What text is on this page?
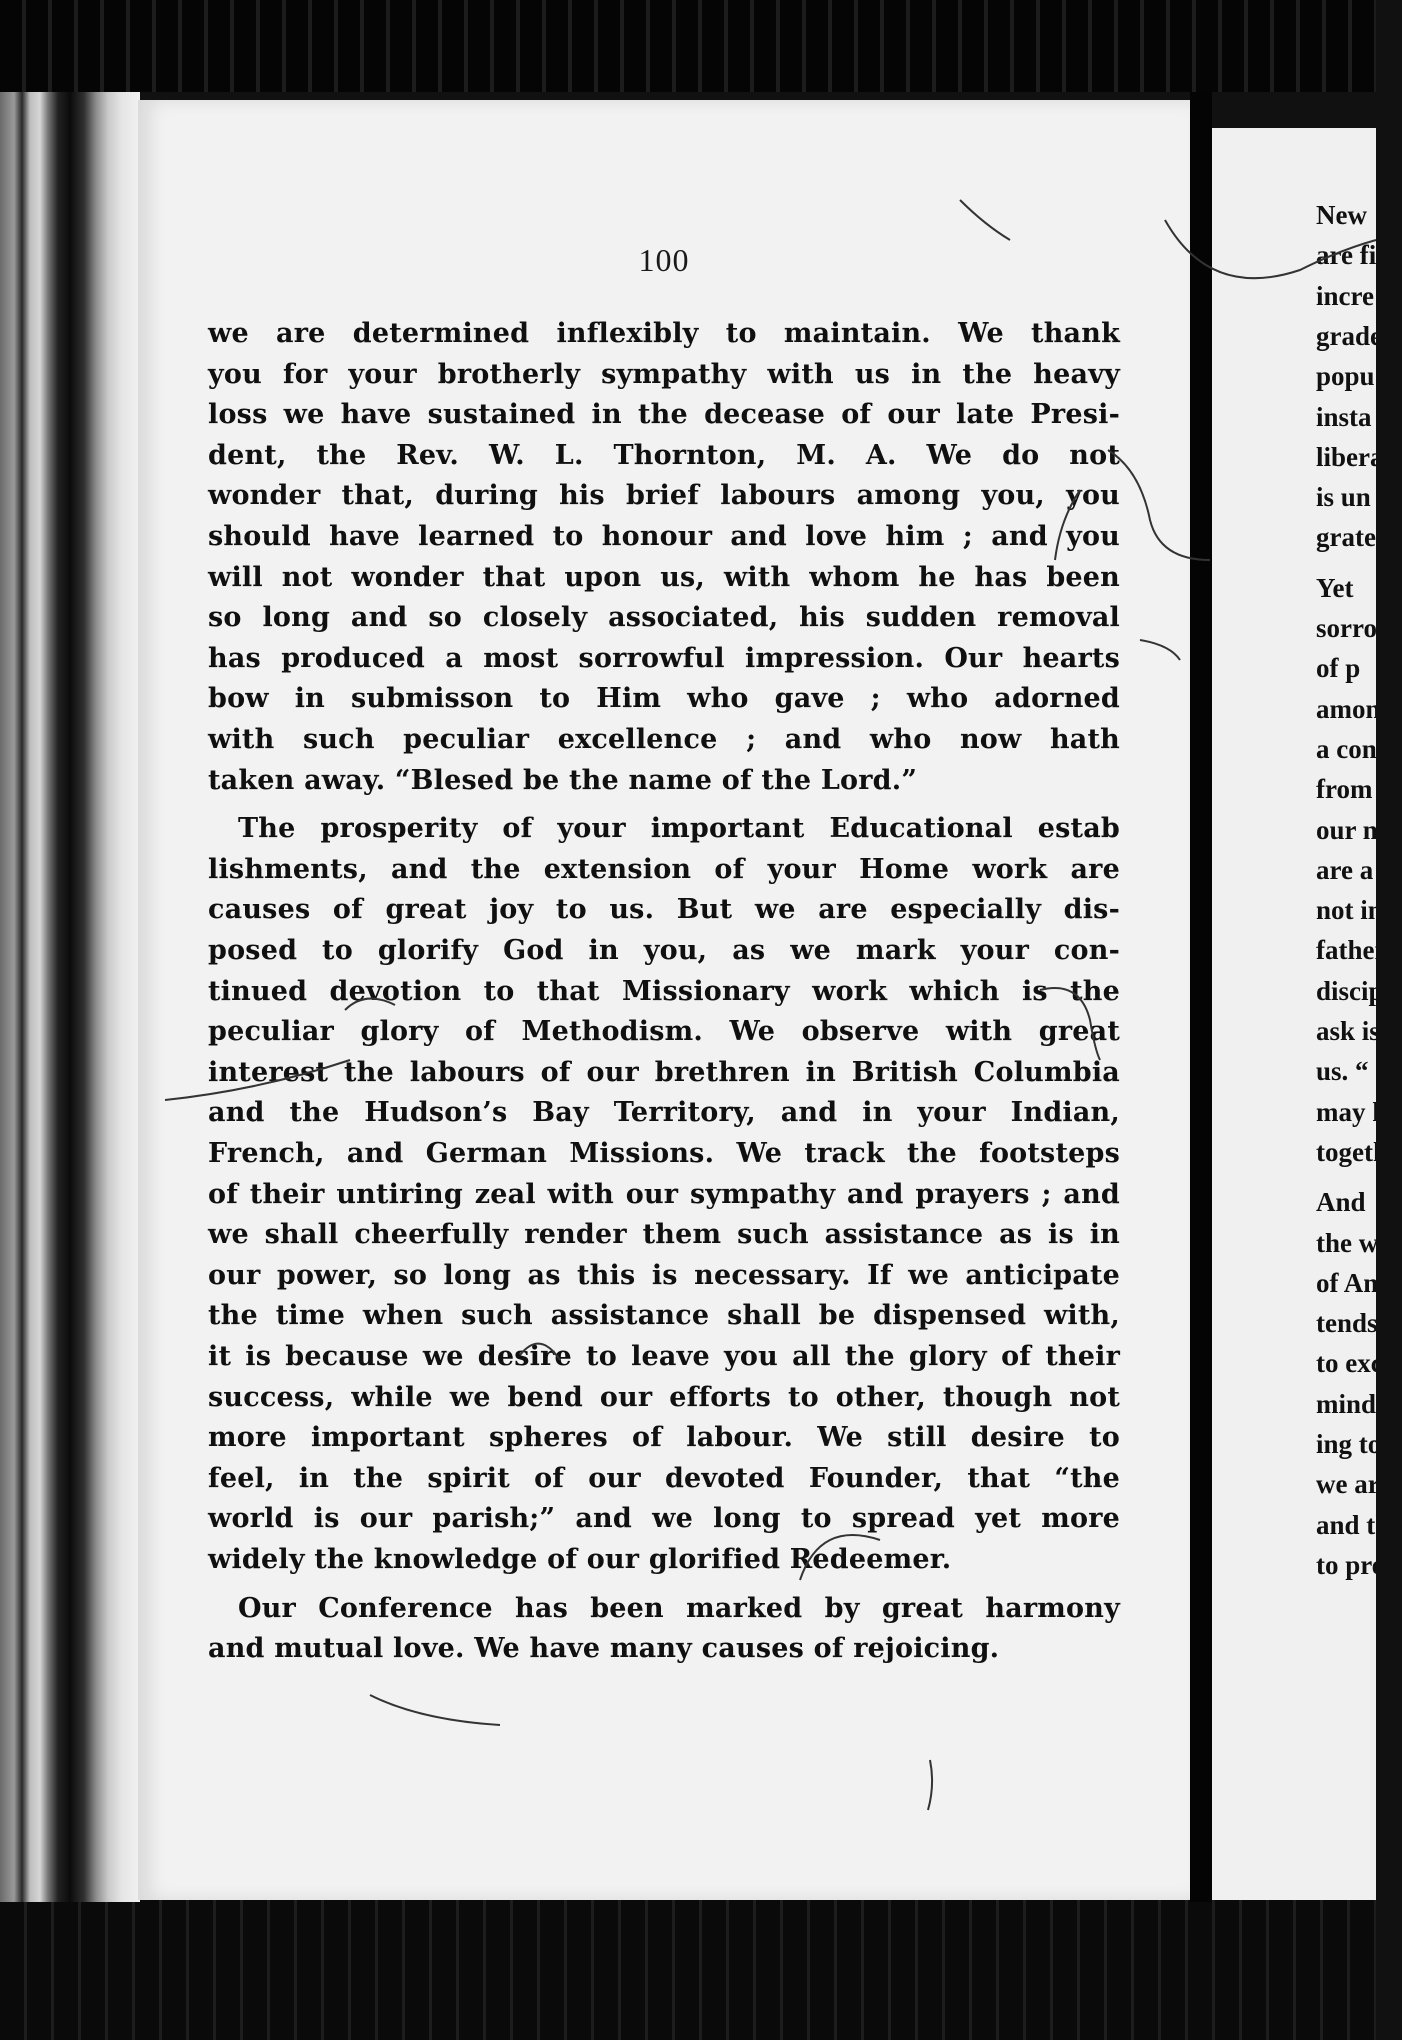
New
are fi
incre
grade
popu
insta
libera
is un
grate
Yet
sorro
of p
amon
a con
from
our n
are a
not in
father
discip
ask is
us. “
may ha
togeth
And
the wo
of An
tends
to exc
minds
ing to
we are
and the
to prep
100
we are determined inflexibly to maintain. We thank
you for your brotherly sympathy with us in the heavy
loss we have sustained in the decease of our late Presi-
dent, the Rev. W. L. Thornton, M. A. We do not
wonder that, during his brief labours among you, you
should have learned to honour and love him ; and you
will not wonder that upon us, with whom he has been
so long and so closely associated, his sudden removal
has produced a most sorrowful impression. Our hearts
bow in submisson to Him who gave ; who adorned
with such peculiar excellence ; and who now hath
taken away. “Blesed be the name of the Lord.”
The prosperity of your important Educational estab
lishments, and the extension of your Home work are
causes of great joy to us. But we are especially dis-
posed to glorify God in you, as we mark your con-
tinued devotion to that Missionary work which is the
peculiar glory of Methodism. We observe with great
interest the labours of our brethren in British Columbia
and the Hudson’s Bay Territory, and in your Indian,
French, and German Missions. We track the footsteps
of their untiring zeal with our sympathy and prayers ; and
we shall cheerfully render them such assistance as is in
our power, so long as this is necessary. If we anticipate
the time when such assistance shall be dispensed with,
it is because we desire to leave you all the glory of their
success, while we bend our efforts to other, though not
more important spheres of labour. We still desire to
feel, in the spirit of our devoted Founder, that “the
world is our parish;” and we long to spread yet more
widely the knowledge of our glorified Redeemer.
Our Conference has been marked by great harmony
and mutual love. We have many causes of rejoicing.
